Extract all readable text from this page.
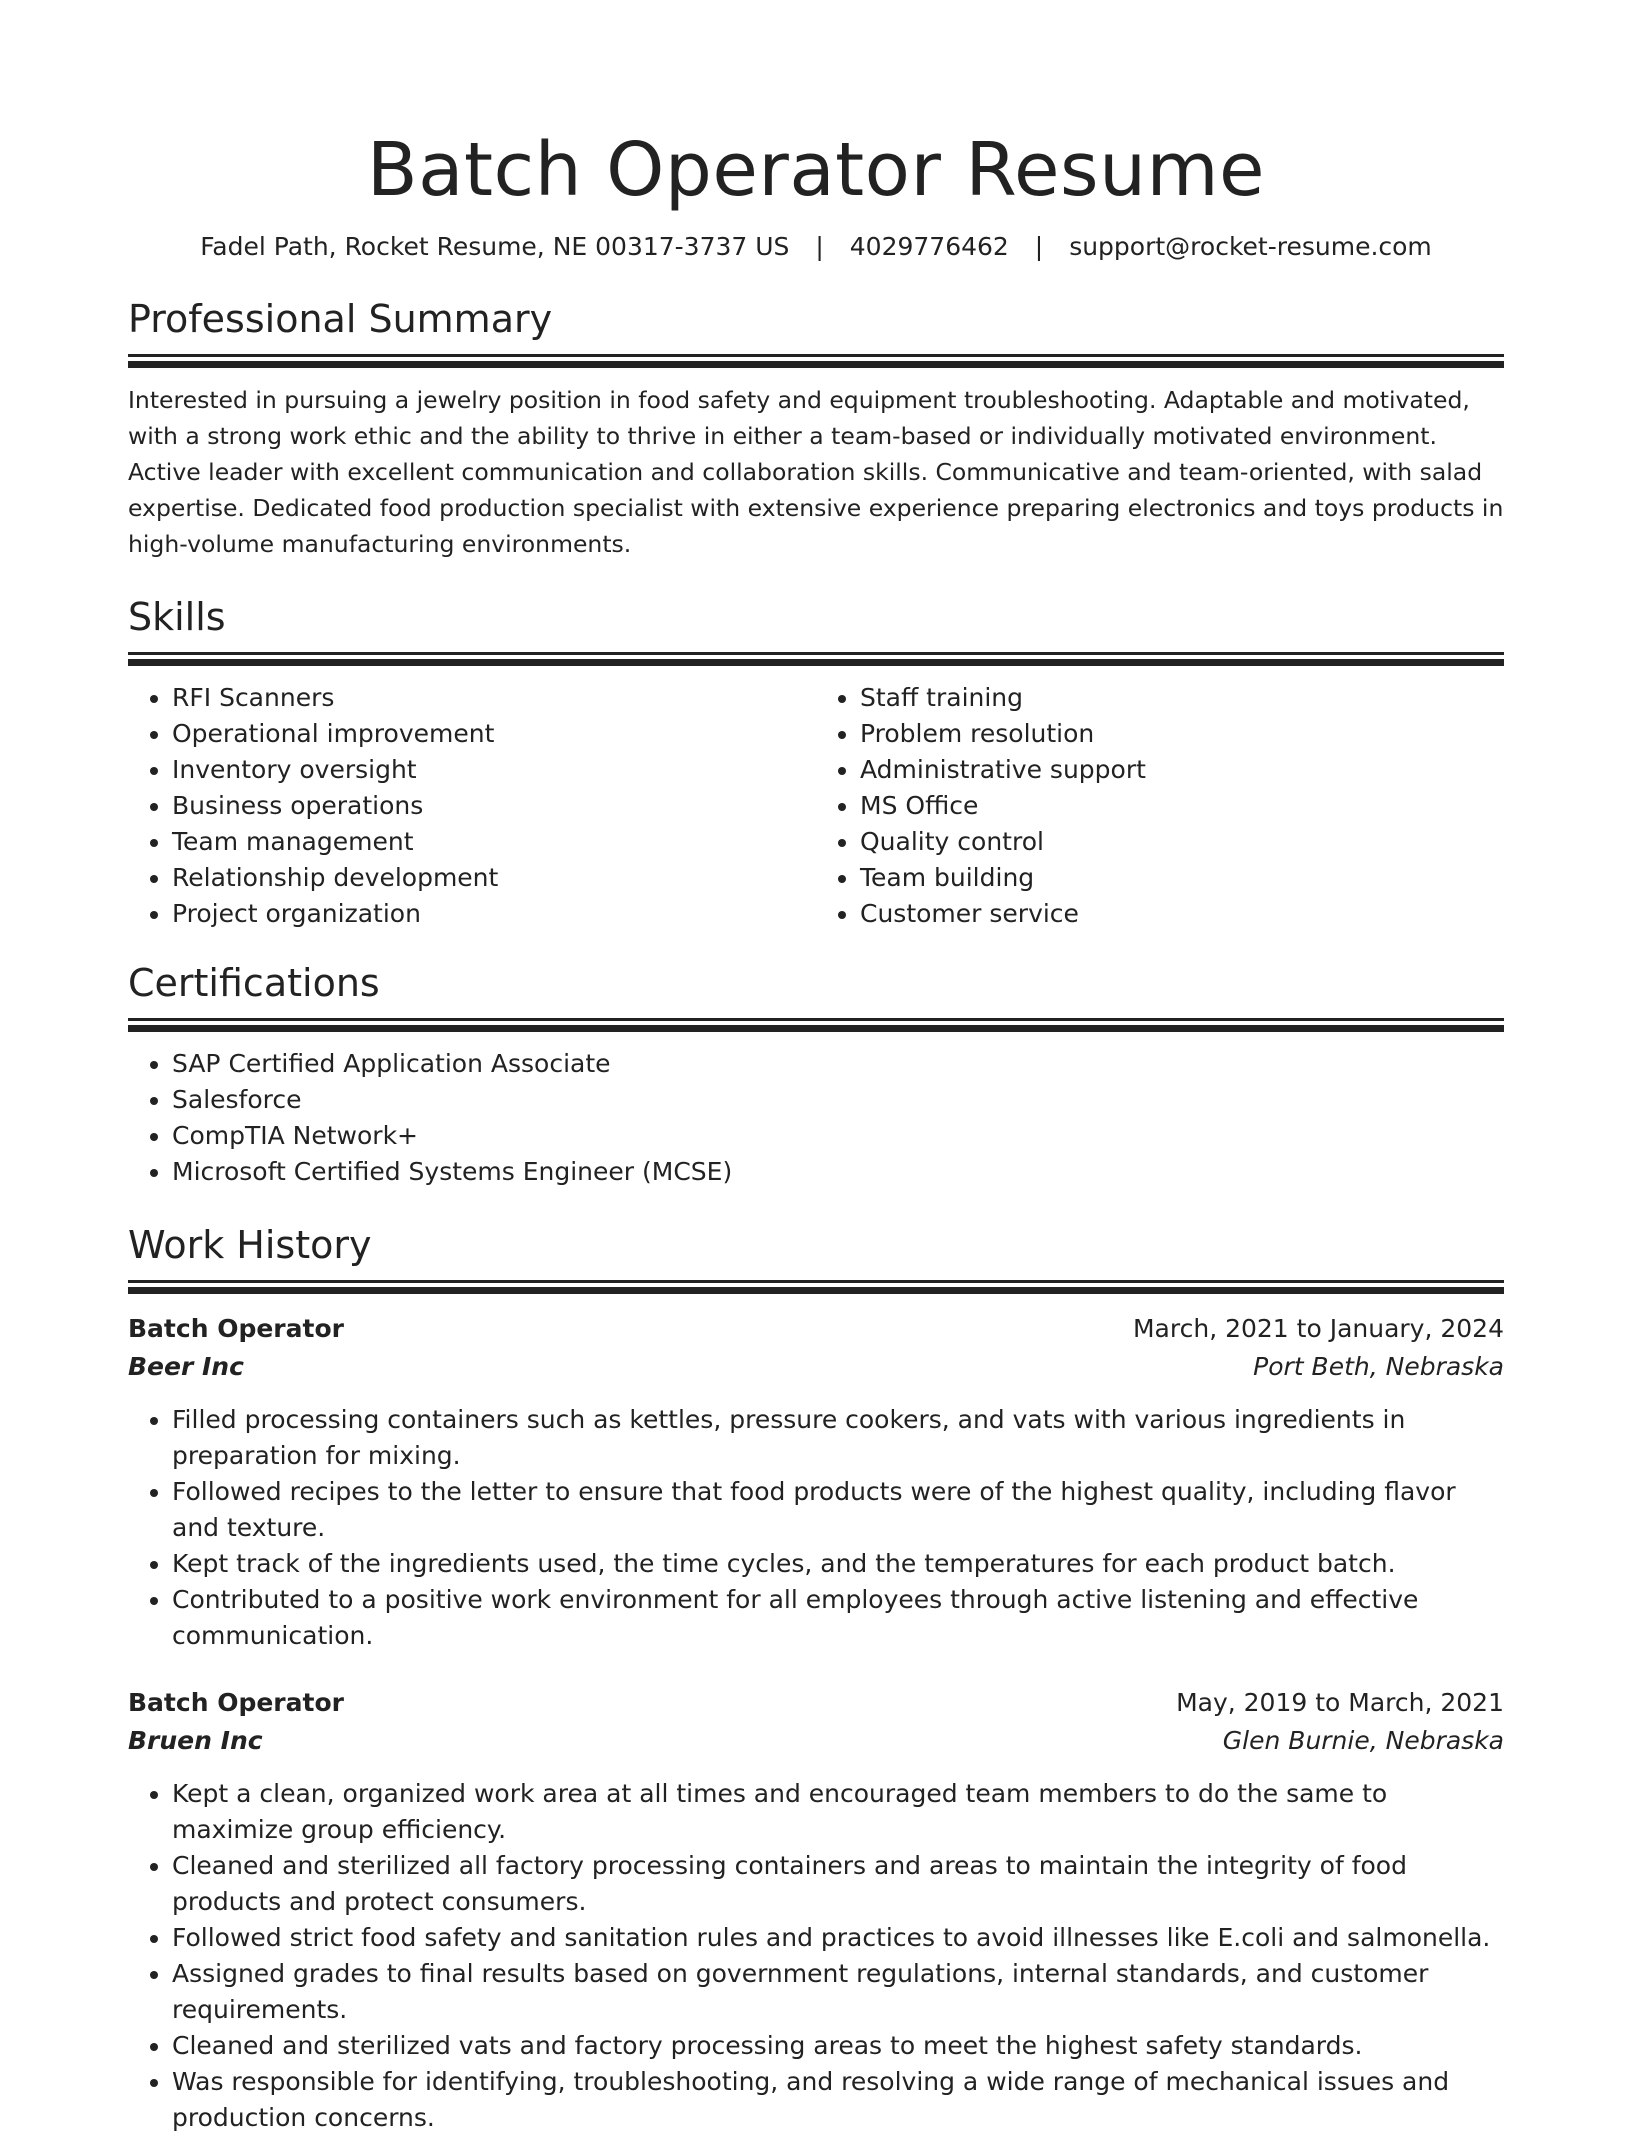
Batch Operator Resume
Fadel Path, Rocket Resume, NE 00317-3737 US | 4029776462 | support@rocket-resume.com
Professional Summary
Interested in pursuing a jewelry position in food safety and equipment troubleshooting. Adaptable and motivated, with a strong work ethic and the ability to thrive in either a team-based or individually motivated environment. Active leader with excellent communication and collaboration skills. Communicative and team-oriented, with salad expertise. Dedicated food production specialist with extensive experience preparing electronics and toys products in high-volume manufacturing environments.
Skills
• RFI Scanners
• Operational improvement
• Inventory oversight
• Business operations
• Team management
• Relationship development
• Project organization
• Staff training
• Problem resolution
• Administrative support
• MS Office
• Quality control
• Team building
• Customer service
Certifications
• SAP Certified Application Associate
• Salesforce
• CompTIA Network+
• Microsoft Certified Systems Engineer (MCSE)
Work History
Batch Operator	March, 2021 to January, 2024
Beer Inc	Port Beth, Nebraska
• Filled processing containers such as kettles, pressure cookers, and vats with various ingredients in preparation for mixing.
• Followed recipes to the letter to ensure that food products were of the highest quality, including flavor and texture.
• Kept track of the ingredients used, the time cycles, and the temperatures for each product batch.
• Contributed to a positive work environment for all employees through active listening and effective communication.
Batch Operator	May, 2019 to March, 2021
Bruen Inc	Glen Burnie, Nebraska
• Kept a clean, organized work area at all times and encouraged team members to do the same to maximize group efficiency.
• Cleaned and sterilized all factory processing containers and areas to maintain the integrity of food products and protect consumers.
• Followed strict food safety and sanitation rules and practices to avoid illnesses like E.coli and salmonella.
• Assigned grades to final results based on government regulations, internal standards, and customer requirements.
• Cleaned and sterilized vats and factory processing areas to meet the highest safety standards.
• Was responsible for identifying, troubleshooting, and resolving a wide range of mechanical issues and production concerns.
